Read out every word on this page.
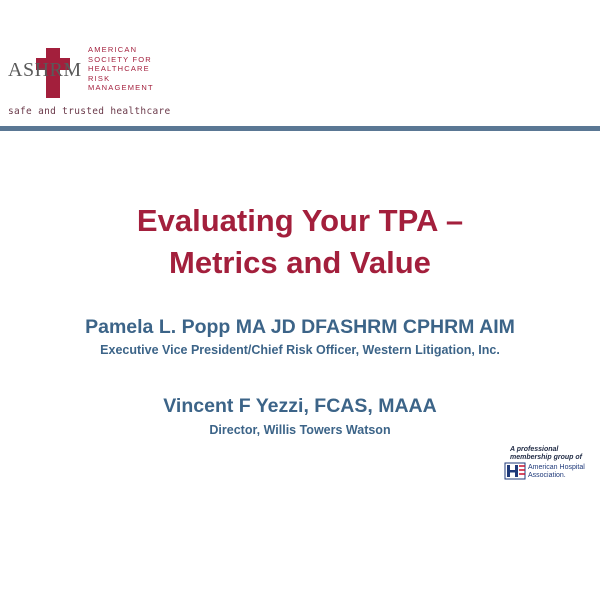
ASHRM
AMERICAN
SOCIETY FOR
HEALTHCARE
RISK
MANAGEMENT
safe and trusted healthcare
Evaluating Your TPA –
Metrics and Value
Pamela L. Popp MA JD DFASHRM CPHRM AIM
Executive Vice President/Chief Risk Officer, Western Litigation, Inc.
Vincent F Yezzi, FCAS, MAAA
Director, Willis Towers Watson
A professional
membership group of
American Hospital
Association.
